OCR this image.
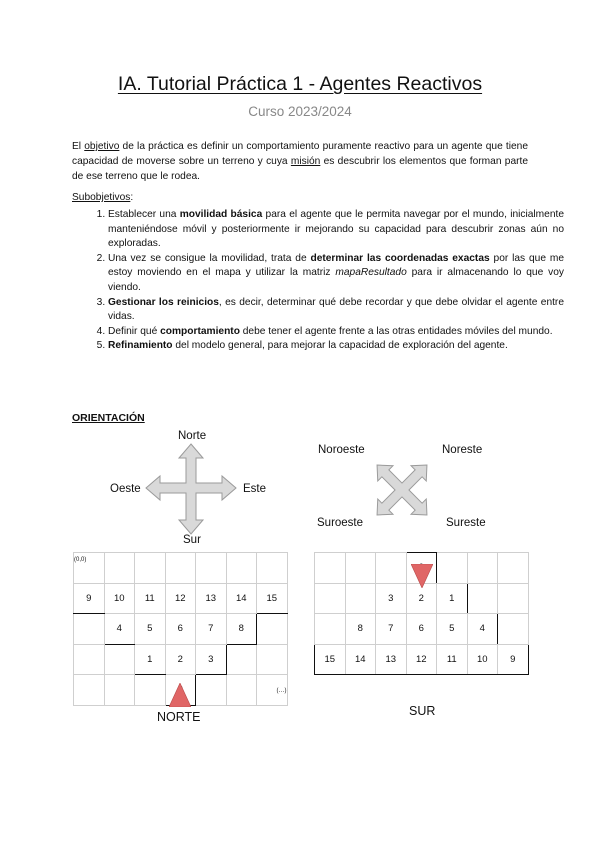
IA. Tutorial Práctica 1 - Agentes Reactivos
Curso 2023/2024
El objetivo de la práctica es definir un comportamiento puramente reactivo para un agente que tiene capacidad de moverse sobre un terreno y cuya misión es descubrir los elementos que forman parte de ese terreno que le rodea.
Subobjetivos:
1. Establecer una movilidad básica para el agente que le permita navegar por el mundo, inicialmente manteniéndose móvil y posteriormente ir mejorando su capacidad para descubrir zonas aún no exploradas.
2. Una vez se consigue la movilidad, trata de determinar las coordenadas exactas por las que me estoy moviendo en el mapa y utilizar la matriz mapaResultado para ir almacenando lo que voy viendo.
3. Gestionar los reinicios, es decir, determinar qué debe recordar y que debe olvidar el agente entre vidas.
4. Definir qué comportamiento debe tener el agente frente a las otras entidades móviles del mundo.
5. Refinamiento del modelo general, para mejorar la capacidad de exploración del agente.
ORIENTACIÓN
Norte
Sur
Este
Oeste
Noroeste	Noreste
Suroeste	Sureste
(0,0)						
9	10	11	12	13	14	15
	4	5	6	7	8	
		1	2	3		
						(…)
NORTE

		3	2	1		
	8	7	6	5	4	
15	14	13	12	11	10	9
SUR
